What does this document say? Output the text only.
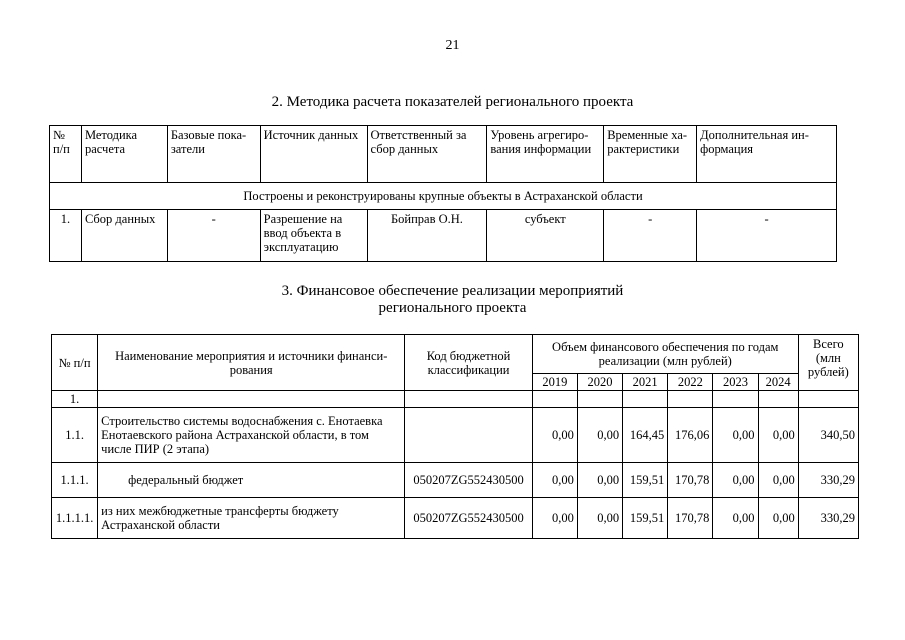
21
2. Методика расчета показателей регионального проекта
№ п/п	Методика расчета	Базовые пока-затели	Источник данных	Ответственный за сбор данных	Уровень агрегиро-вания информации	Временные ха-рактеристики	Дополнительная ин-формация
Построены и реконструированы крупные объекты в Астраханской области							
1.	Сбор данных	-	Разрешение на ввод объекта в эксплуатацию	Бойправ О.Н.	субъект	-	-
3. Финансовое обеспечение реализации мероприятий
регионального проекта
№ п/п	Наименование мероприятия и источники финанси-рования	Код бюджетной классификации	Объем финансового обеспечения по годам реализации (млн рублей)						Всего (млн рублей)
			2019	2020	2021	2022	2023	2024	
1.									
1.1.	Строительство системы водоснабжения с. Енотаевка Енотаевского района Астраханской области, в том числе ПИР (2 этапа)		0,00	0,00	164,45	176,06	0,00	0,00	340,50
1.1.1.	федеральный бюджет	050207ZG552430500	0,00	0,00	159,51	170,78	0,00	0,00	330,29
1.1.1.1.	из них межбюджетные трансферты бюджету Астраханской области	050207ZG552430500	0,00	0,00	159,51	170,78	0,00	0,00	330,29
